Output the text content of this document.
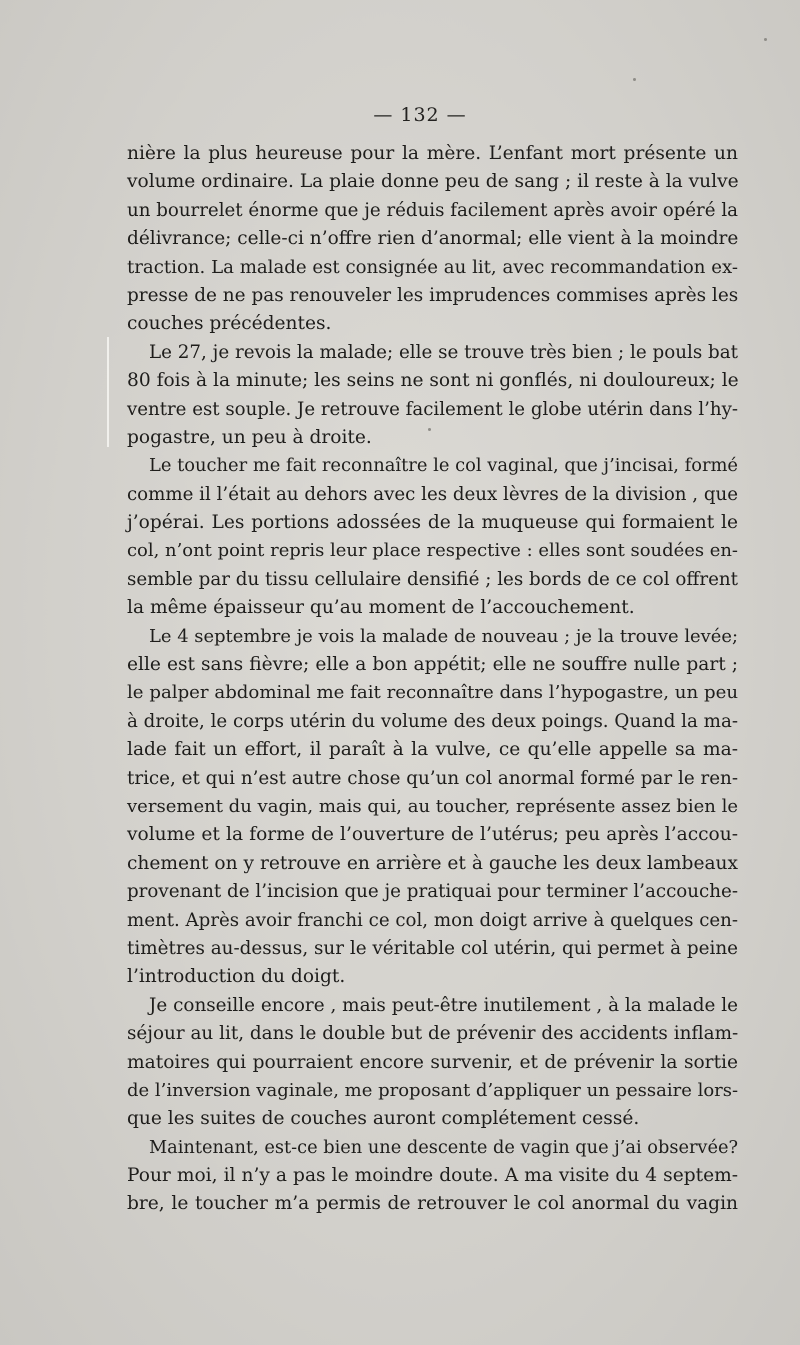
— 132 —
nière la plus heureuse pour la mère. L’enfant mort présente un
volume ordinaire. La plaie donne peu de sang ; il reste à la vulve
un bourrelet énorme que je réduis facilement après avoir opéré la
délivrance; celle-ci n’offre rien d’anormal; elle vient à la moindre
traction. La malade est consignée au lit, avec recommandation ex-
presse de ne pas renouveler les imprudences commises après les
couches précédentes.
Le 27, je revois la malade; elle se trouve très bien ; le pouls bat
80 fois à la minute; les seins ne sont ni gonflés, ni douloureux; le
ventre est souple. Je retrouve facilement le globe utérin dans l’hy-
pogastre, un peu à droite.
Le toucher me fait reconnaître le col vaginal, que j’incisai, formé
comme il l’était au dehors avec les deux lèvres de la division , que
j’opérai. Les portions adossées de la muqueuse qui formaient le
col, n’ont point repris leur place respective : elles sont soudées en-
semble par du tissu cellulaire densifié ; les bords de ce col offrent
la même épaisseur qu’au moment de l’accouchement.
Le 4 septembre je vois la malade de nouveau ; je la trouve levée;
elle est sans fièvre; elle a bon appétit; elle ne souffre nulle part ;
le palper abdominal me fait reconnaître dans l’hypogastre, un peu
à droite, le corps utérin du volume des deux poings. Quand la ma-
lade fait un effort, il paraît à la vulve, ce qu’elle appelle sa ma-
trice, et qui n’est autre chose qu’un col anormal formé par le ren-
versement du vagin, mais qui, au toucher, représente assez bien le
volume et la forme de l’ouverture de l’utérus; peu après l’accou-
chement on y retrouve en arrière et à gauche les deux lambeaux
provenant de l’incision que je pratiquai pour terminer l’accouche-
ment. Après avoir franchi ce col, mon doigt arrive à quelques cen-
timètres au-dessus, sur le véritable col utérin, qui permet à peine
l’introduction du doigt.
Je conseille encore , mais peut-être inutilement , à la malade le
séjour au lit, dans le double but de prévenir des accidents inflam-
matoires qui pourraient encore survenir, et de prévenir la sortie
de l’inversion vaginale, me proposant d’appliquer un pessaire lors-
que les suites de couches auront complétement cessé.
Maintenant, est-ce bien une descente de vagin que j’ai observée?
Pour moi, il n’y a pas le moindre doute. A ma visite du 4 septem-
bre, le toucher m’a permis de retrouver le col anormal du vagin
